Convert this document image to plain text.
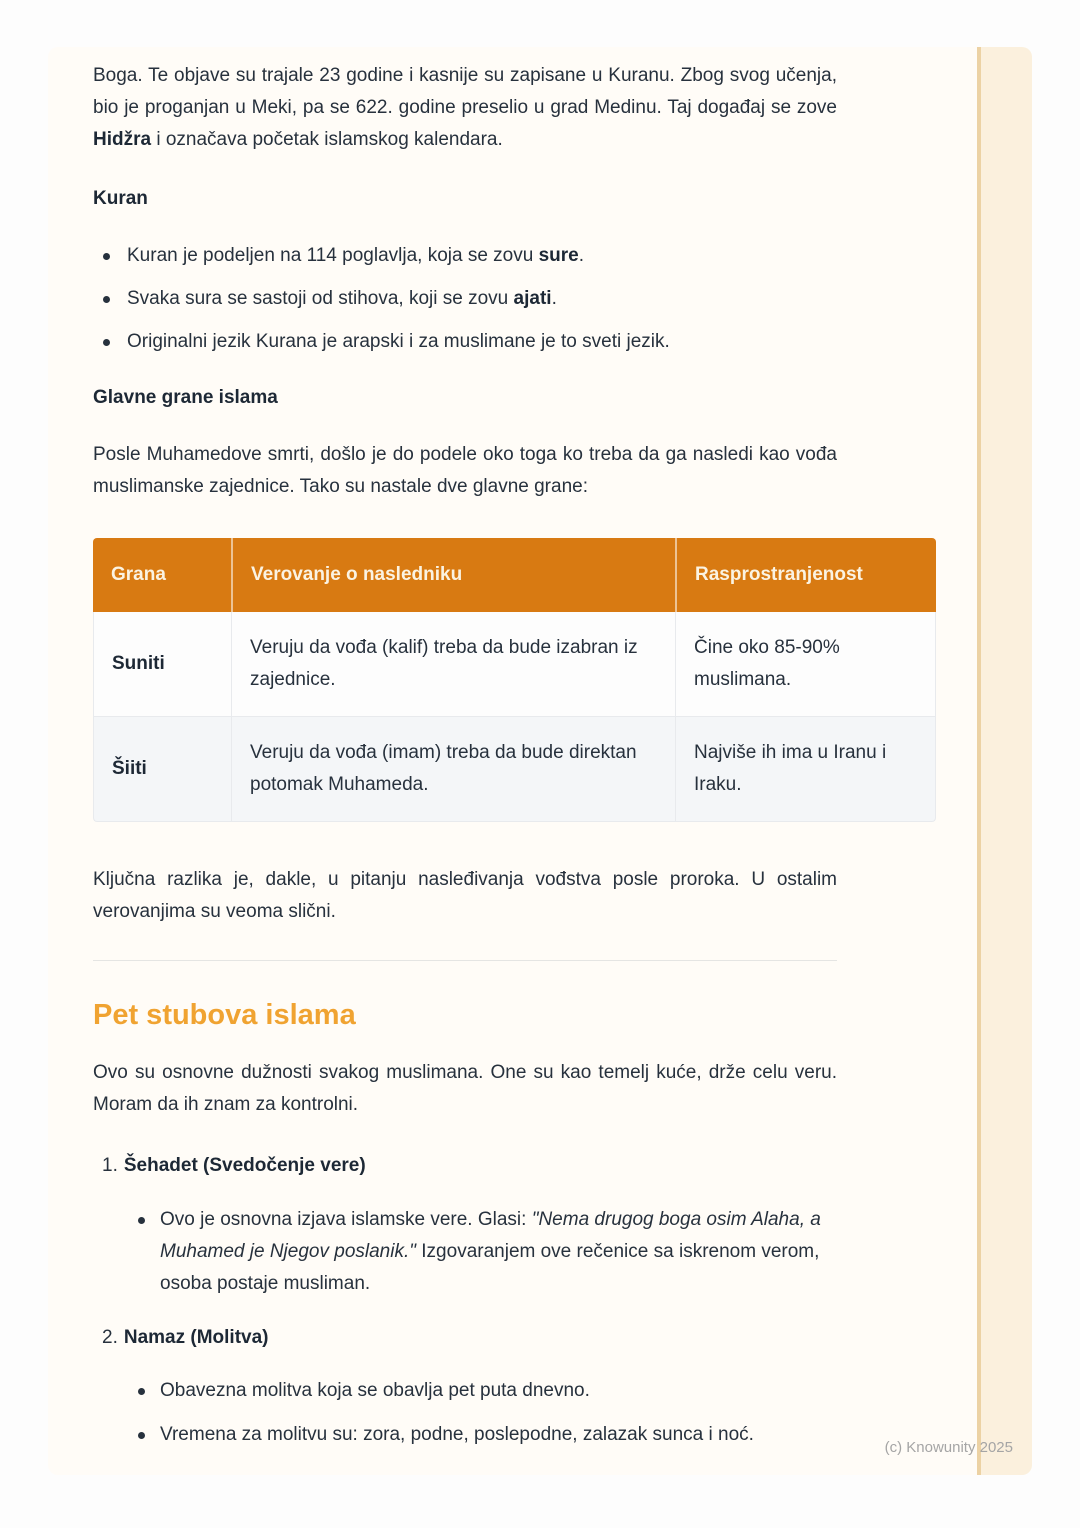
Boga. Te objave su trajale 23 godine i kasnije su zapisane u Kuranu. Zbog svog učenja, bio je proganjan u Meki, pa se 622. godine preselio u grad Medinu. Taj događaj se zove Hidžra i označava početak islamskog kalendara.

Kuran
Kuran je podeljen na 114 poglavlja, koja se zovu sure.
Svaka sura se sastoji od stihova, koji se zovu ajati.
Originalni jezik Kurana je arapski i za muslimane je to sveti jezik.
Glavne grane islama

Posle Muhamedove smrti, došlo je do podele oko toga ko treba da ga nasledi kao vođa muslimanske zajednice. Tako su nastale dve glavne grane:

Grana	Verovanje o nasledniku	Rasprostranjenost
Suniti	Veruju da vođa (kalif) treba da bude izabran iz zajednice.	Čine oko 85-90% muslimana.
Šiiti	Veruju da vođa (imam) treba da bude direktan potomak Muhameda.	Najviše ih ima u Iranu i Iraku.

Ključna razlika je, dakle, u pitanju nasleđivanja vođstva posle proroka. U ostalim verovanjima su veoma slični.

Pet stubova islama

Ovo su osnovne dužnosti svakog muslimana. One su kao temelj kuće, drže celu veru. Moram da ih znam za kontrolni.

1. Šehadet (Svedočenje vere)
Ovo je osnovna izjava islamske vere. Glasi: "Nema drugog boga osim Alaha, a Muhamed je Njegov poslanik." Izgovaranjem ove rečenice sa iskrenom verom, osoba postaje musliman.
2. Namaz (Molitva)
Obavezna molitva koja se obavlja pet puta dnevno.
Vremena za molitvu su: zora, podne, poslepodne, zalazak sunca i noć.
(c) Knowunity 2025
